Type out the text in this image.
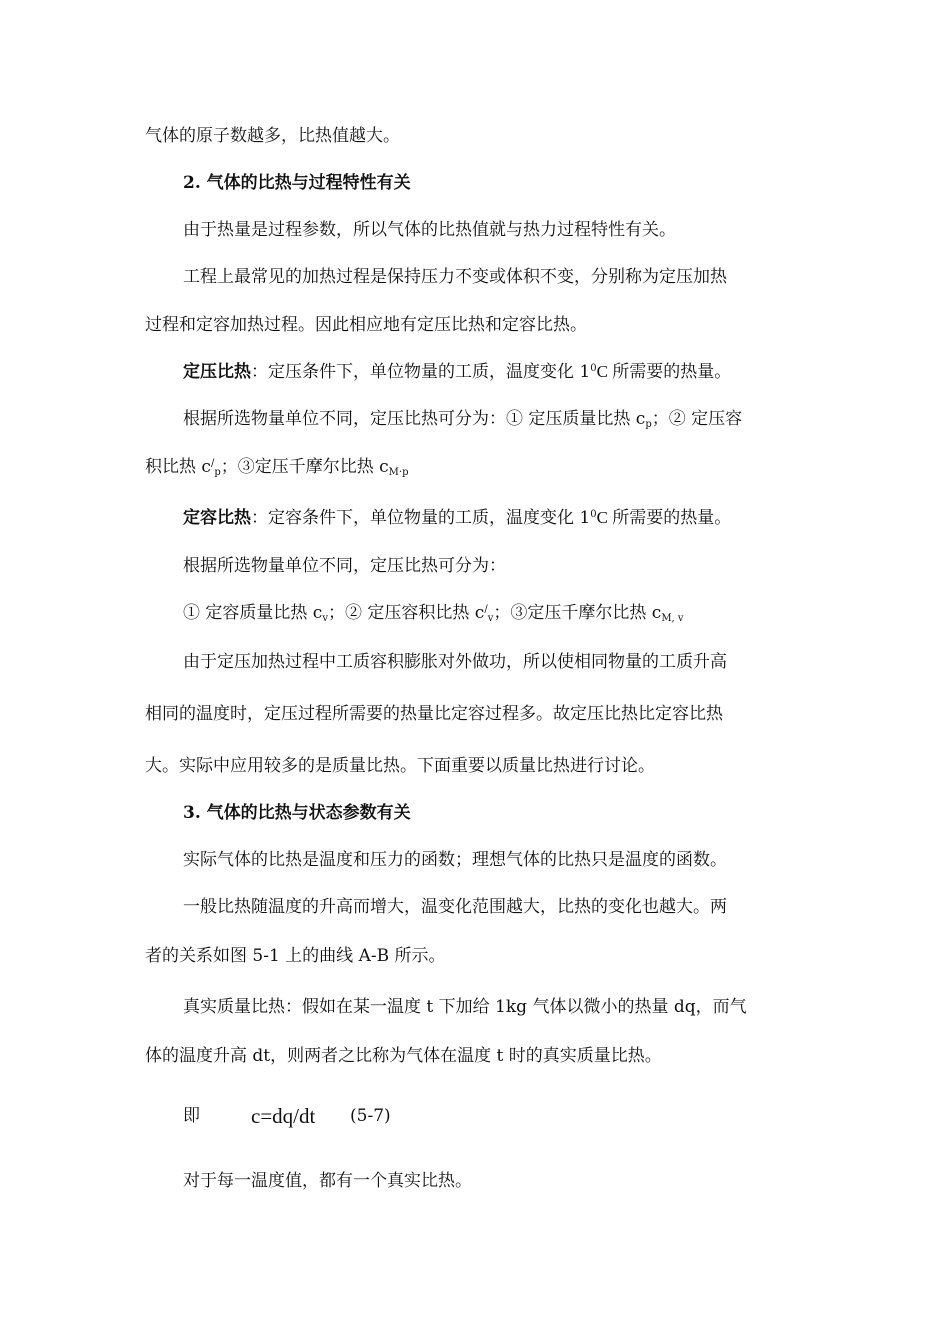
气体的原子数越多，比热值越大。
2. 气体的比热与过程特性有关
由于热量是过程参数，所以气体的比热值就与热力过程特性有关。
工程上最常见的加热过程是保持压力不变或体积不变，分别称为定压加热
过程和定容加热过程。因此相应地有定压比热和定容比热。
定压比热：定压条件下，单位物量的工质，温度变化 $1^0C$ 所需要的热量。
根据所选物量单位不同，定压比热可分为：① 定压质量比热 $c_p$；② 定压容
积比热 $c^/_p$；③定压千摩尔比热 $c_{M\cdot p}$
定容比热：定容条件下，单位物量的工质，温度变化 $1^0C$ 所需要的热量。
根据所选物量单位不同，定压比热可分为：
① 定容质量比热 $c_v$；② 定压容积比热 $c^/_v$；③定压千摩尔比热 $c_{M, v}$
由于定压加热过程中工质容积膨胀对外做功，所以使相同物量的工质升高
相同的温度时，定压过程所需要的热量比定容过程多。故定压比热比定容比热
大。实际中应用较多的是质量比热。下面重要以质量比热进行讨论。
3. 气体的比热与状态参数有关
实际气体的比热是温度和压力的函数；理想气体的比热只是温度的函数。
一般比热随温度的升高而增大，温变化范围越大，比热的变化也越大。两
者的关系如图 5-1 上的曲线 A-B 所示。
真实质量比热：假如在某一温度 t 下加给 1kg 气体以微小的热量 dq，而气
体的温度升高 dt，则两者之比称为气体在温度 t 时的真实质量比热。
即 c=dq/dt (5-7)
对于每一温度值，都有一个真实比热。
